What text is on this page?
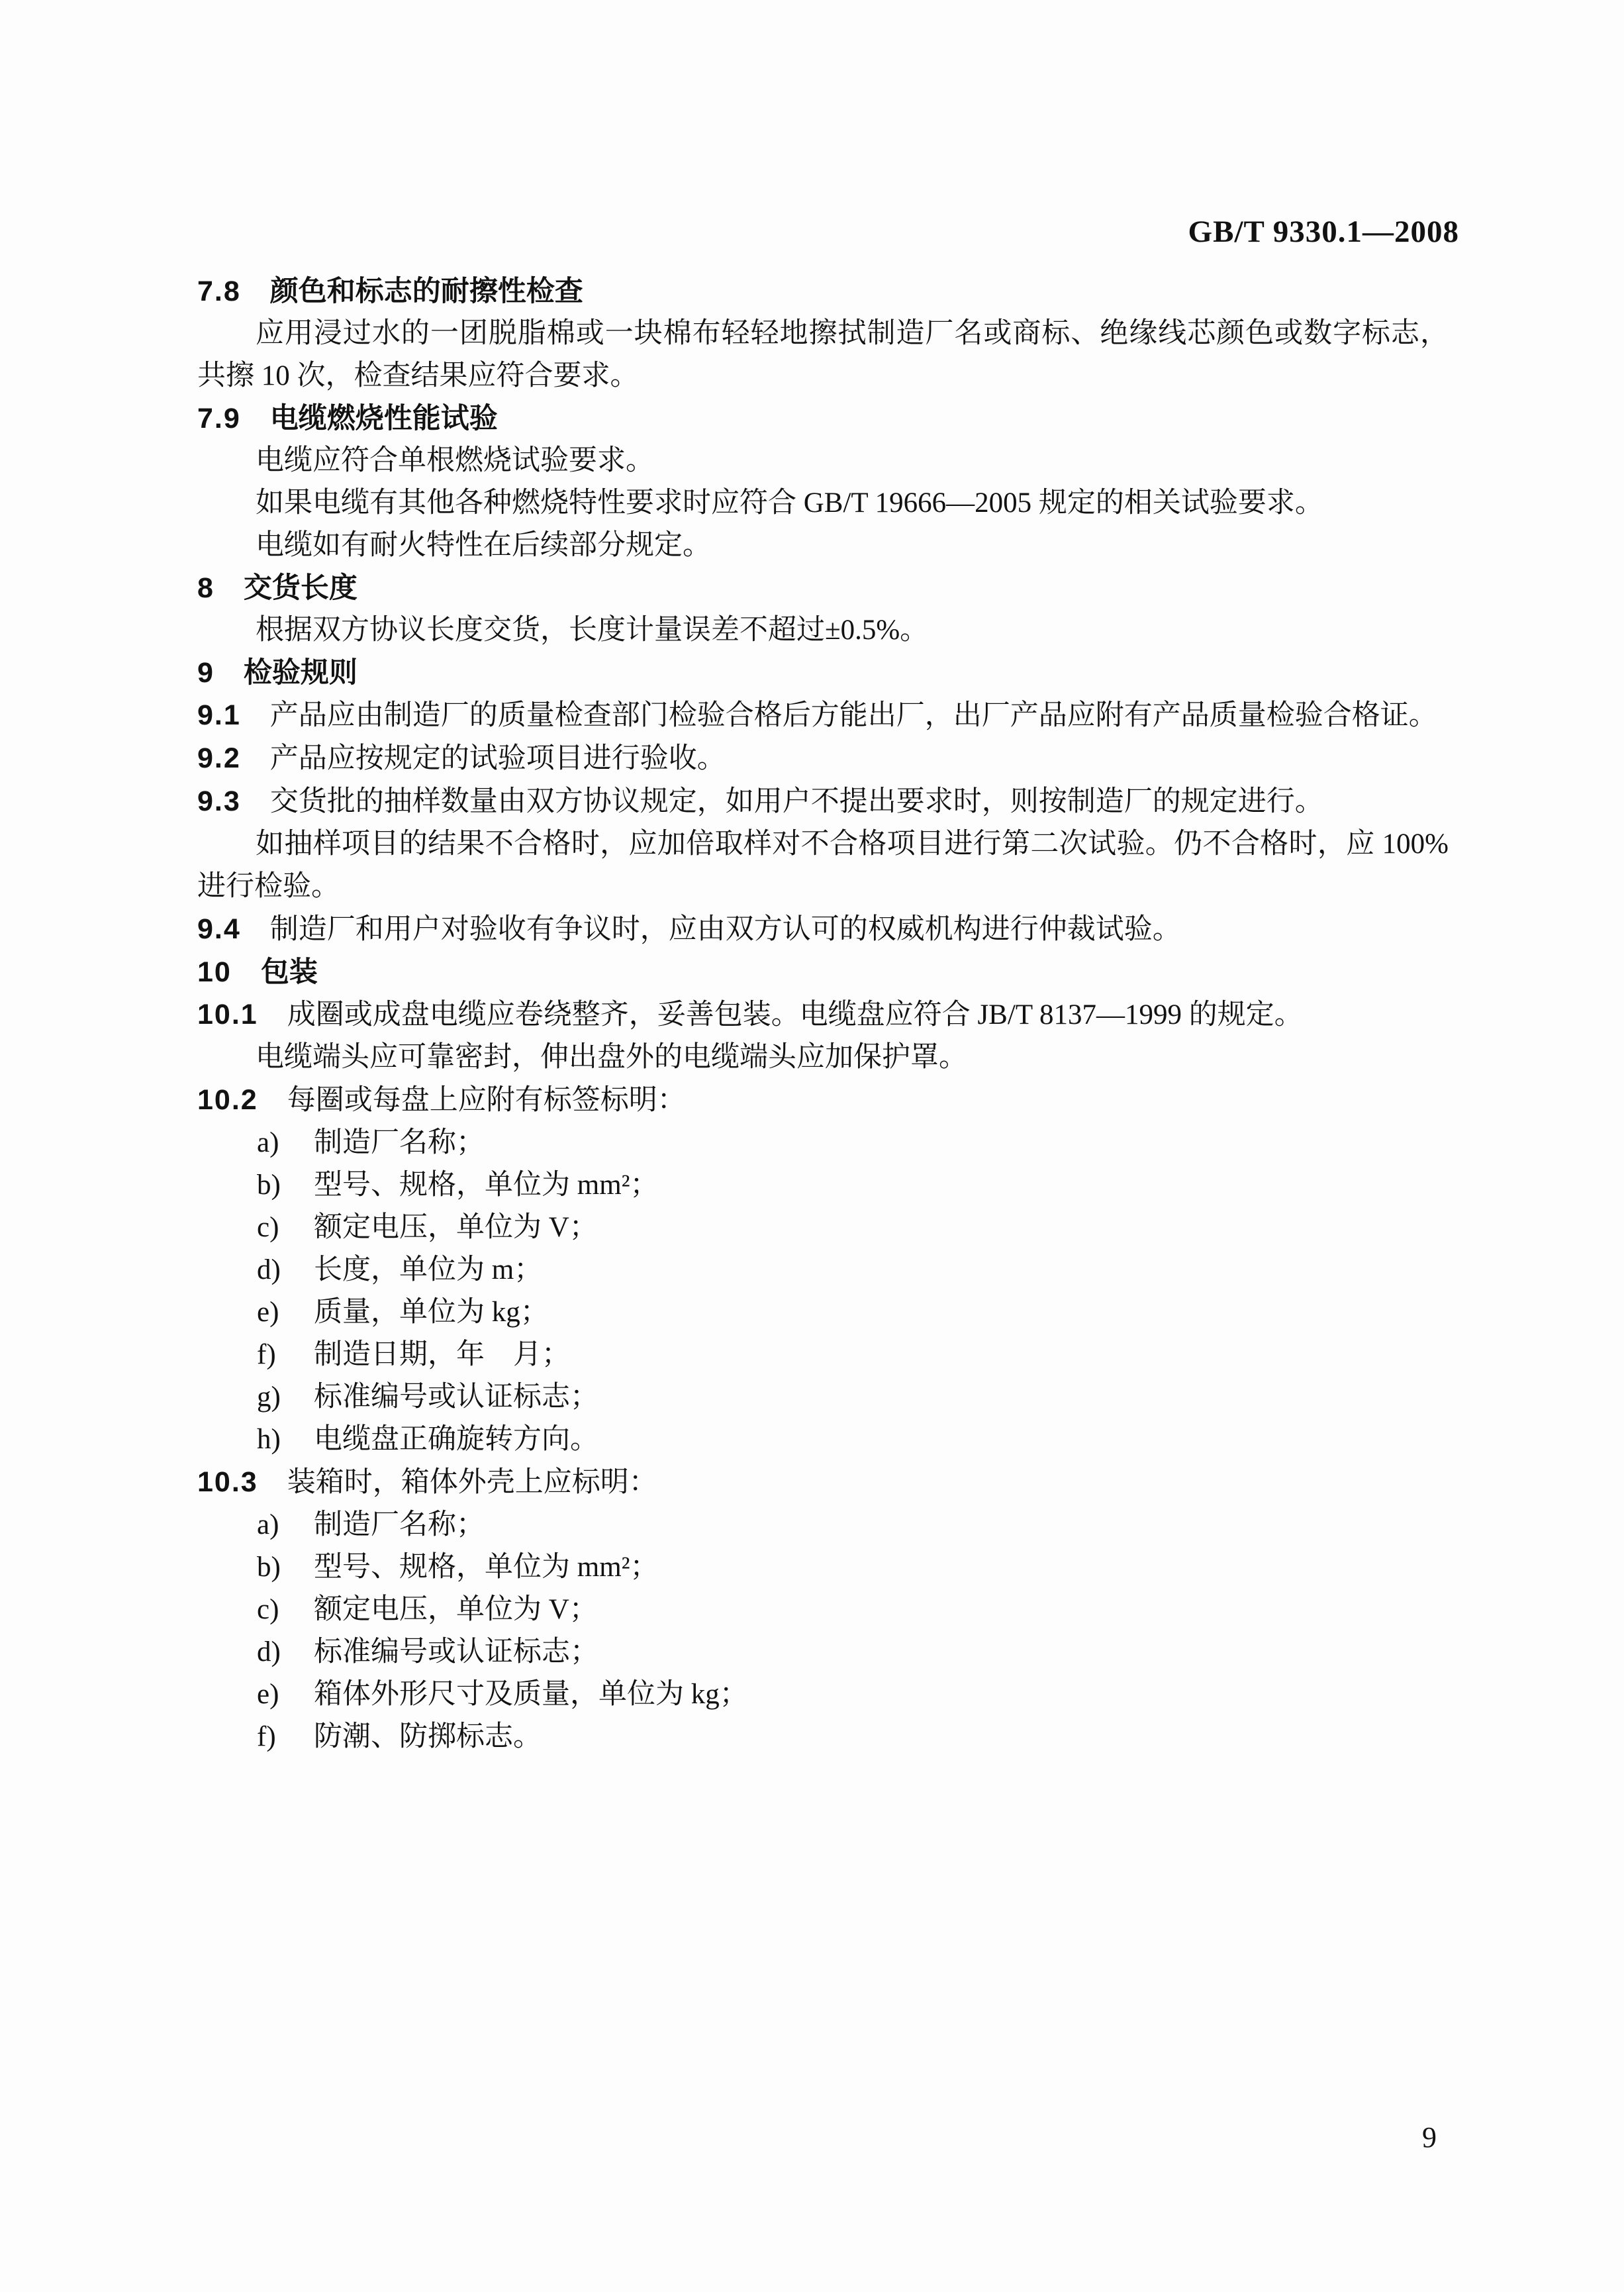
GB/T 9330.1—2008
7.8 颜色和标志的耐擦性检查

应用浸过水的一团脱脂棉或一块棉布轻轻地擦拭制造厂名或商标、绝缘线芯颜色或数字标志，共擦 10 次，检查结果应符合要求。

7.9 电缆燃烧性能试验

电缆应符合单根燃烧试验要求。

如果电缆有其他各种燃烧特性要求时应符合 GB/T 19666—2005 规定的相关试验要求。

电缆如有耐火特性在后续部分规定。

8 交货长度

根据双方协议长度交货，长度计量误差不超过±0.5%。

9 检验规则

9.1 产品应由制造厂的质量检查部门检验合格后方能出厂，出厂产品应附有产品质量检验合格证。

9.2 产品应按规定的试验项目进行验收。

9.3 交货批的抽样数量由双方协议规定，如用户不提出要求时，则按制造厂的规定进行。

如抽样项目的结果不合格时，应加倍取样对不合格项目进行第二次试验。仍不合格时，应 100%进行检验。

9.4 制造厂和用户对验收有争议时，应由双方认可的权威机构进行仲裁试验。

10 包装

10.1 成圈或成盘电缆应卷绕整齐，妥善包装。电缆盘应符合 JB/T 8137—1999 的规定。

电缆端头应可靠密封，伸出盘外的电缆端头应加保护罩。

10.2 每圈或每盘上应附有标签标明：

a) 制造厂名称；
b) 型号、规格，单位为 mm²；
c) 额定电压，单位为 V；
d) 长度，单位为 m；
e) 质量，单位为 kg；
f) 制造日期，年　月；
g) 标准编号或认证标志；
h) 电缆盘正确旋转方向。

10.3 装箱时，箱体外壳上应标明：

a) 制造厂名称；
b) 型号、规格，单位为 mm²；
c) 额定电压，单位为 V；
d) 标准编号或认证标志；
e) 箱体外形尺寸及质量，单位为 kg；
f) 防潮、防掷标志。
9
